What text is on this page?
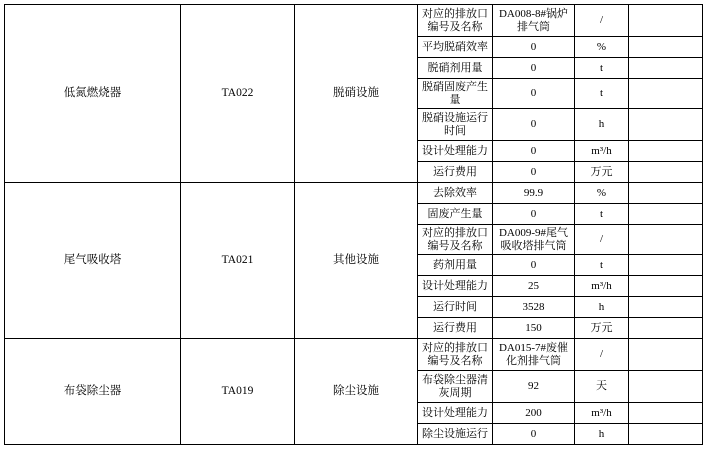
低氮燃烧器	TA022	脱硝设施	对应的排放口编号及名称	DA008-8#锅炉排气筒	/	
			平均脱硝效率	0	%	
			脱硝剂用量	0	t	
			脱硝固废产生量	0	t	
			脱硝设施运行时间	0	h	
			设计处理能力	0	m³/h	
			运行费用	0	万元	
尾气吸收塔	TA021	其他设施	去除效率	99.9	%	
			固废产生量	0	t	
			对应的排放口编号及名称	DA009-9#尾气吸收塔排气筒	/	
			药剂用量	0	t	
			设计处理能力	25	m³/h	
			运行时间	3528	h	
			运行费用	150	万元	
布袋除尘器	TA019	除尘设施	对应的排放口编号及名称	DA015-7#废催化剂排气筒	/	
			布袋除尘器清灰周期	92	天	
			设计处理能力	200	m³/h	
			除尘设施运行	0	h	
